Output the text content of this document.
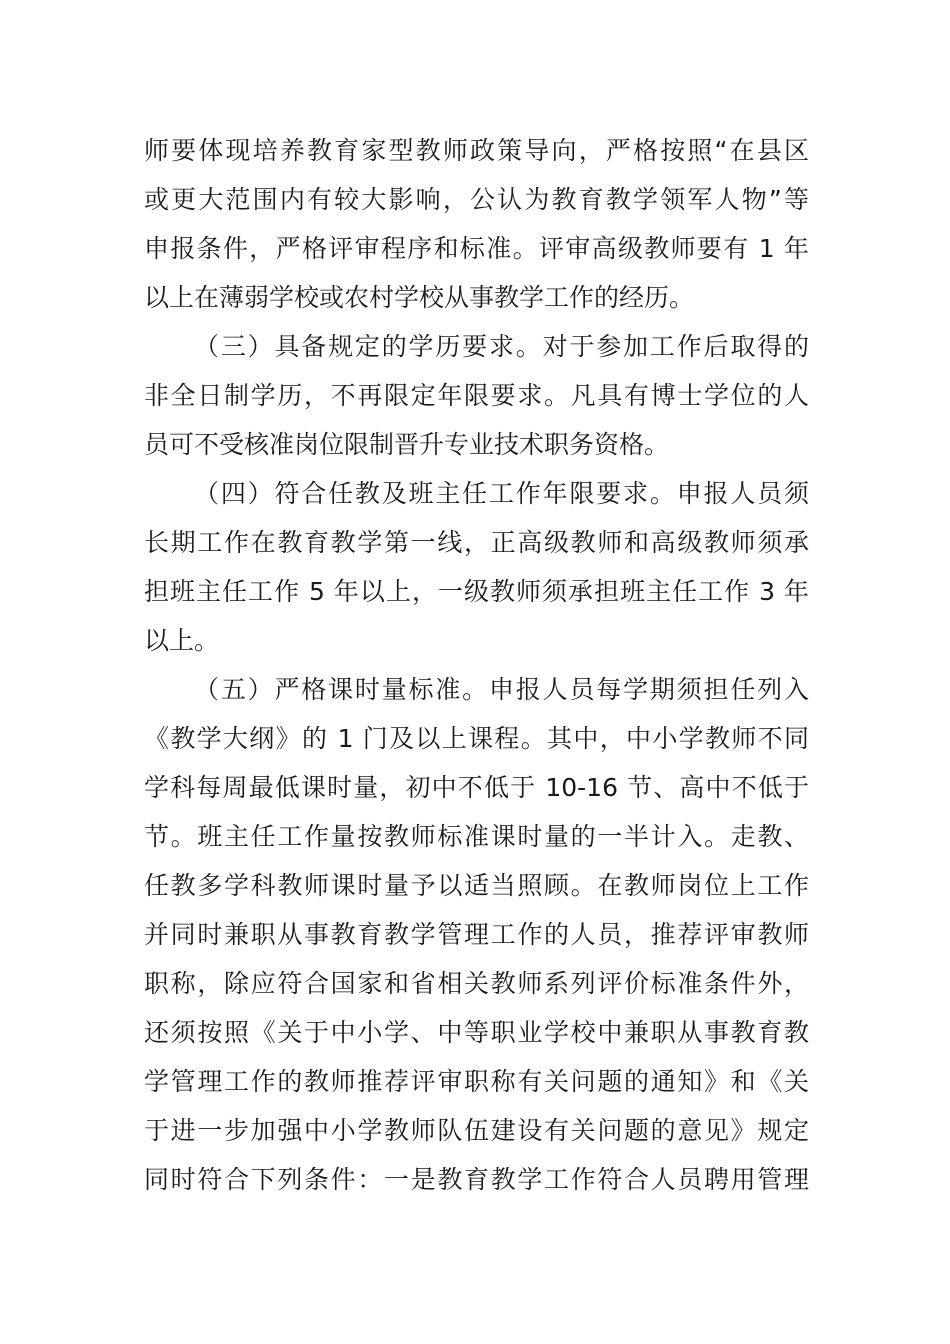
师要体现培养教育家型教师政策导向，严格按照“在县区
或更大范围内有较大影响，公认为教育教学领军人物”等
申报条件，严格评审程序和标准。评审高级教师要有 1 年
以上在薄弱学校或农村学校从事教学工作的经历。
（三）具备规定的学历要求。对于参加工作后取得的
非全日制学历，不再限定年限要求。凡具有博士学位的人
员可不受核准岗位限制晋升专业技术职务资格。
（四）符合任教及班主任工作年限要求。申报人员须
长期工作在教育教学第一线，正高级教师和高级教师须承
担班主任工作 5 年以上，一级教师须承担班主任工作 3 年
以上。
（五）严格课时量标准。申报人员每学期须担任列入
《教学大纲》的 1 门及以上课程。其中，中小学教师不同
学科每周最低课时量，初中不低于 10-16 节、高中不低于
节。班主任工作量按教师标准课时量的一半计入。走教、
任教多学科教师课时量予以适当照顾。在教师岗位上工作
并同时兼职从事教育教学管理工作的人员，推荐评审教师
职称，除应符合国家和省相关教师系列评价标准条件外，
还须按照《关于中小学、中等职业学校中兼职从事教育教
学管理工作的教师推荐评审职称有关问题的通知》和《关
于进一步加强中小学教师队伍建设有关问题的意见》规定
同时符合下列条件：一是教育教学工作符合人员聘用管理
